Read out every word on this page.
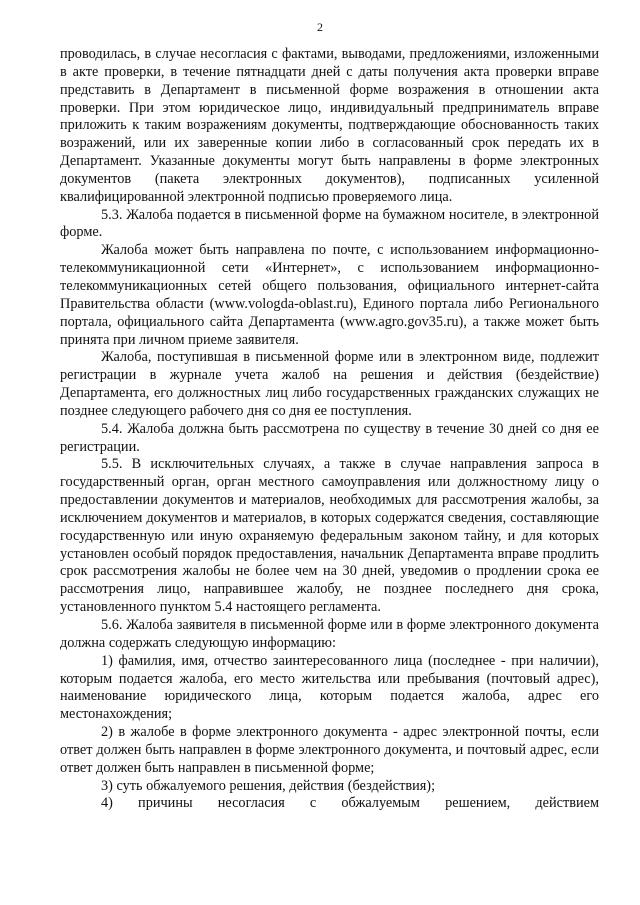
2

проводилась, в случае несогласия с фактами, выводами, предложениями, изложенными в акте проверки, в течение пятнадцати дней с даты получения акта проверки вправе представить в Департамент в письменной форме возражения в отношении акта проверки. При этом юридическое лицо, индивидуальный предприниматель вправе приложить к таким возражениям документы, подтверждающие обоснованность таких возражений, или их заверенные копии либо в согласованный срок передать их в Департамент. Указанные документы могут быть направлены в форме электронных документов (пакета электронных документов), подписанных усиленной квалифицированной электронной подписью проверяемого лица.

5.3. Жалоба подается в письменной форме на бумажном носителе, в электронной форме.

Жалоба может быть направлена по почте, с использованием информационно-телекоммуникационной сети «Интернет», с использованием информационно-телекоммуникационных сетей общего пользования, официального интернет-сайта Правительства области (www.vologda-oblast.ru), Единого портала либо Регионального портала, официального сайта Департамента (www.agro.gov35.ru), а также может быть принята при личном приеме заявителя.

Жалоба, поступившая в письменной форме или в электронном виде, подлежит регистрации в журнале учета жалоб на решения и действия (бездействие) Департамента, его должностных лиц либо государственных гражданских служащих не позднее следующего рабочего дня со дня ее поступления.

5.4. Жалоба должна быть рассмотрена по существу в течение 30 дней со дня ее регистрации.

5.5. В исключительных случаях, а также в случае направления запроса в государственный орган, орган местного самоуправления или должностному лицу о предоставлении документов и материалов, необходимых для рассмотрения жалобы, за исключением документов и материалов, в которых содержатся сведения, составляющие государственную или иную охраняемую федеральным законом тайну, и для которых установлен особый порядок предоставления, начальник Департамента вправе продлить срок рассмотрения жалобы не более чем на 30 дней, уведомив о продлении срока ее рассмотрения лицо, направившее жалобу, не позднее последнего дня срока, установленного пунктом 5.4 настоящего регламента.

5.6. Жалоба заявителя в письменной форме или в форме электронного документа должна содержать следующую информацию:

1) фамилия, имя, отчество заинтересованного лица (последнее - при наличии), которым подается жалоба, его место жительства или пребывания (почтовый адрес), наименование юридического лица, которым подается жалоба, адрес его местонахождения;

2) в жалобе в форме электронного документа - адрес электронной почты, если ответ должен быть направлен в форме электронного документа, и почтовый адрес, если ответ должен быть направлен в письменной форме;

3) суть обжалуемого решения, действия (бездействия);

4) причины несогласия с обжалуемым решением, действием
